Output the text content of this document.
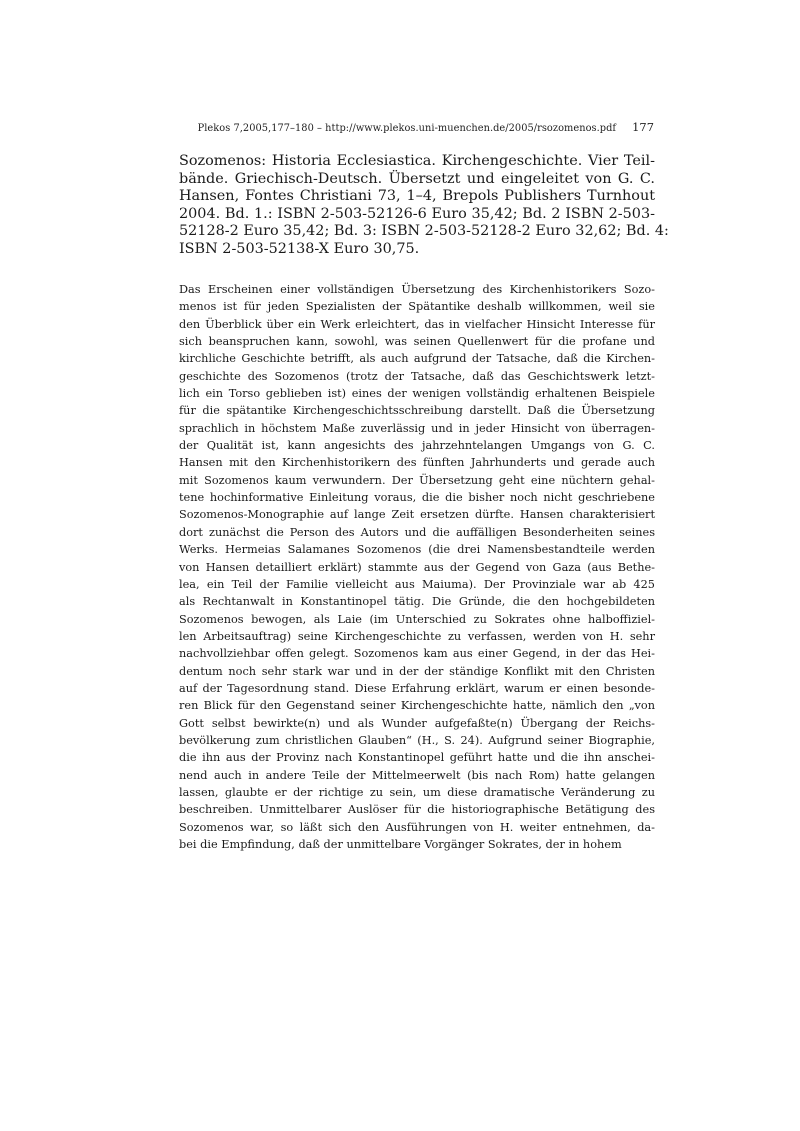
Plekos 7,2005,177–180 – http://www.plekos.uni-muenchen.de/2005/rsozomenos.pdf 177
Sozomenos: Historia Ecclesiastica. Kirchengeschichte. Vier Teil-
bände. Griechisch-Deutsch. Übersetzt und eingeleitet von G. C.
Hansen, Fontes Christiani 73, 1–4, Brepols Publishers Turnhout
2004. Bd. 1.: ISBN 2-503-52126-6 Euro 35,42; Bd. 2 ISBN 2-503-
52128-2 Euro 35,42; Bd. 3: ISBN 2-503-52128-2 Euro 32,62; Bd. 4:
ISBN 2-503-52138-X Euro 30,75.
Das Erscheinen einer vollständigen Übersetzung des Kirchenhistorikers Sozo-
menos ist für jeden Spezialisten der Spätantike deshalb willkommen, weil sie
den Überblick über ein Werk erleichtert, das in vielfacher Hinsicht Interesse für
sich beanspruchen kann, sowohl, was seinen Quellenwert für die profane und
kirchliche Geschichte betrifft, als auch aufgrund der Tatsache, daß die Kirchen-
geschichte des Sozomenos (trotz der Tatsache, daß das Geschichtswerk letzt-
lich ein Torso geblieben ist) eines der wenigen vollständig erhaltenen Beispiele
für die spätantike Kirchengeschichtsschreibung darstellt. Daß die Übersetzung
sprachlich in höchstem Maße zuverlässig und in jeder Hinsicht von überragen-
der Qualität ist, kann angesichts des jahrzehntelangen Umgangs von G. C.
Hansen mit den Kirchenhistorikern des fünften Jahrhunderts und gerade auch
mit Sozomenos kaum verwundern. Der Übersetzung geht eine nüchtern gehal-
tene hochinformative Einleitung voraus, die die bisher noch nicht geschriebene
Sozomenos-Monographie auf lange Zeit ersetzen dürfte. Hansen charakterisiert
dort zunächst die Person des Autors und die auffälligen Besonderheiten seines
Werks. Hermeias Salamanes Sozomenos (die drei Namensbestandteile werden
von Hansen detailliert erklärt) stammte aus der Gegend von Gaza (aus Bethe-
lea, ein Teil der Familie vielleicht aus Maiuma). Der Provinziale war ab 425
als Rechtanwalt in Konstantinopel tätig. Die Gründe, die den hochgebildeten
Sozomenos bewogen, als Laie (im Unterschied zu Sokrates ohne halboffiziel-
len Arbeitsauftrag) seine Kirchengeschichte zu verfassen, werden von H. sehr
nachvollziehbar offen gelegt. Sozomenos kam aus einer Gegend, in der das Hei-
dentum noch sehr stark war und in der der ständige Konflikt mit den Christen
auf der Tagesordnung stand. Diese Erfahrung erklärt, warum er einen besonde-
ren Blick für den Gegenstand seiner Kirchengeschichte hatte, nämlich den „von
Gott selbst bewirkte(n) und als Wunder aufgefaßte(n) Übergang der Reichs-
bevölkerung zum christlichen Glauben“ (H., S. 24). Aufgrund seiner Biographie,
die ihn aus der Provinz nach Konstantinopel geführt hatte und die ihn anschei-
nend auch in andere Teile der Mittelmeerwelt (bis nach Rom) hatte gelangen
lassen, glaubte er der richtige zu sein, um diese dramatische Veränderung zu
beschreiben. Unmittelbarer Auslöser für die historiographische Betätigung des
Sozomenos war, so läßt sich den Ausführungen von H. weiter entnehmen, da-
bei die Empfindung, daß der unmittelbare Vorgänger Sokrates, der in hohem
